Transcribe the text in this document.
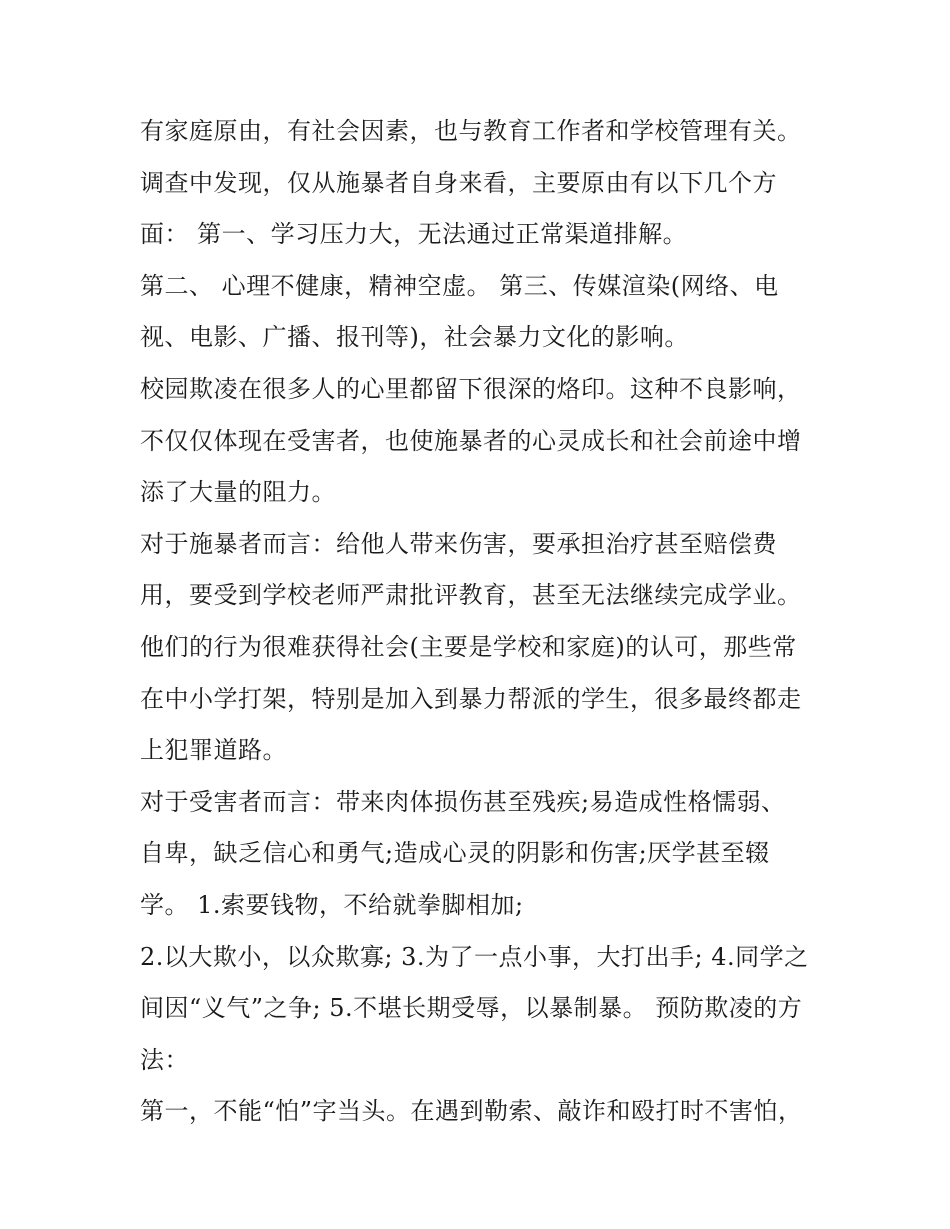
有家庭原由，有社会因素，也与教育工作者和学校管理有关。
调查中发现，仅从施暴者自身来看，主要原由有以下几个方
面： 第一、学习压力大，无法通过正常渠道排解。
第二、 心理不健康，精神空虚。 第三、传媒渲染(网络、电
视、电影、广播、报刊等)，社会暴力文化的影响。
校园欺凌在很多人的心里都留下很深的烙印。这种不良影响，
不仅仅体现在受害者，也使施暴者的心灵成长和社会前途中增
添了大量的阻力。
对于施暴者而言：给他人带来伤害，要承担治疗甚至赔偿费
用，要受到学校老师严肃批评教育，甚至无法继续完成学业。
他们的行为很难获得社会(主要是学校和家庭)的认可，那些常
在中小学打架，特别是加入到暴力帮派的学生，很多最终都走
上犯罪道路。
对于受害者而言：带来肉体损伤甚至残疾;易造成性格懦弱、
自卑，缺乏信心和勇气;造成心灵的阴影和伤害;厌学甚至辍
学。 1.索要钱物，不给就拳脚相加;
2.以大欺小，以众欺寡; 3.为了一点小事，大打出手; 4.同学之
间因“义气”之争; 5.不堪长期受辱，以暴制暴。 预防欺凌的方
法：
第一，不能“怕”字当头。在遇到勒索、敲诈和殴打时不害怕，
